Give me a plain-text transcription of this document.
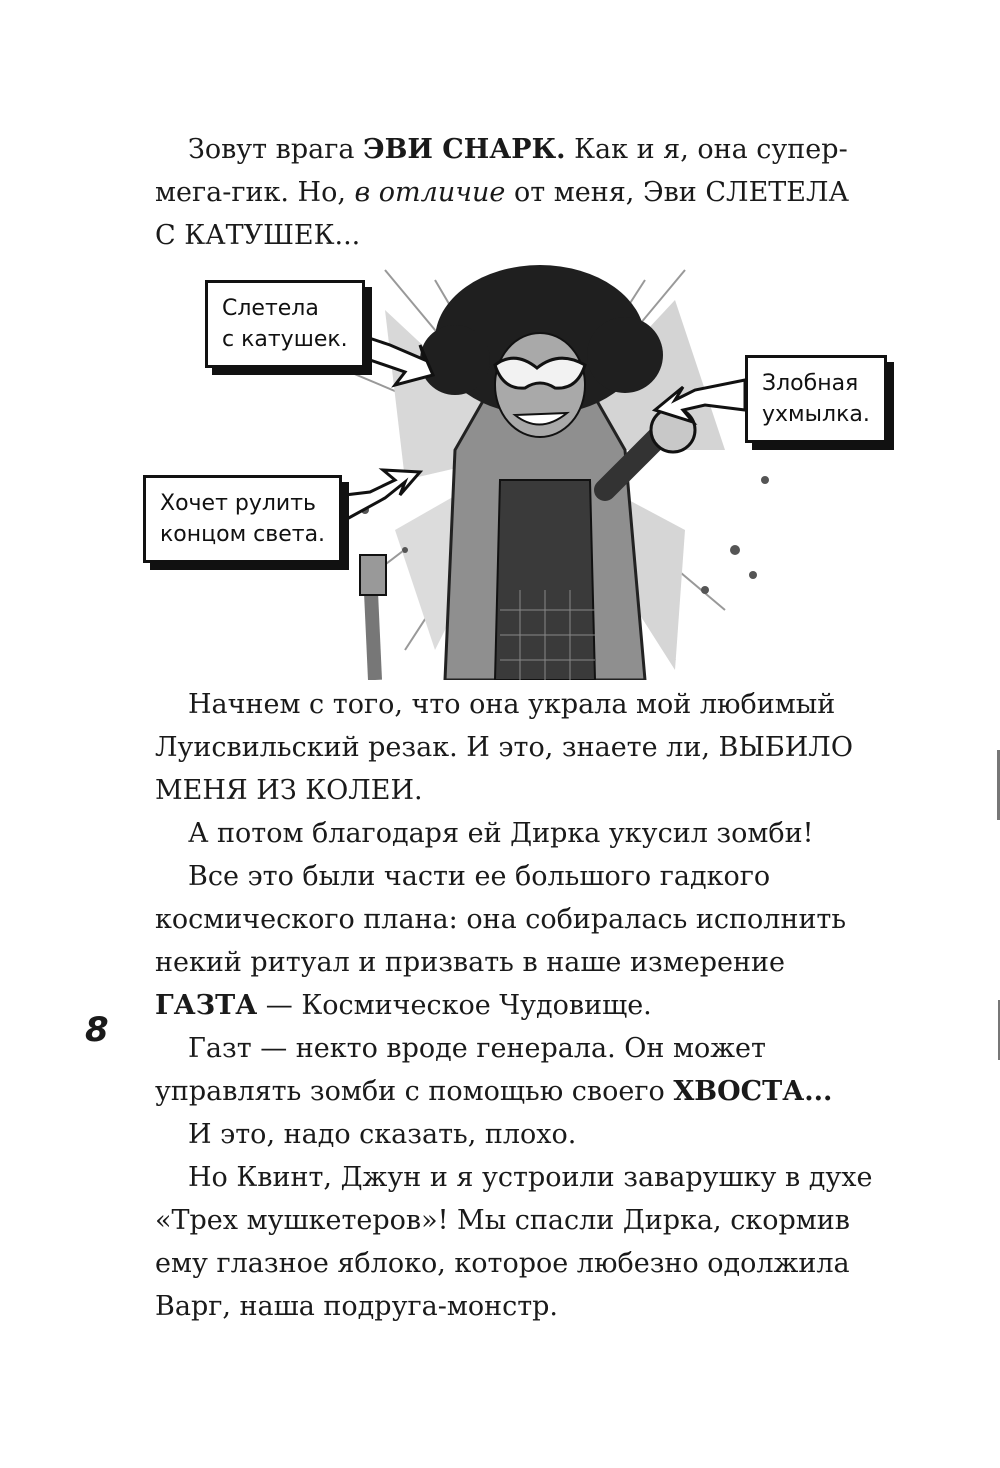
Зовут врага ЭВИ СНАРК. Как и я, она супер-
мега-гик. Но, в отличие от меня, Эви СЛЕТЕЛА
С КАТУШЕК...
Слетела
с катушек.
Злобная
ухмылка.
Хочет рулить
концом света.
Начнем с того, что она украла мой любимый
Луисвильский резак. И это, знаете ли, ВЫБИЛО
МЕНЯ ИЗ КОЛЕИ.
А потом благодаря ей Дирка укусил зомби!
Все это были части ее большого гадкого
космического плана: она собиралась исполнить
некий ритуал и призвать в наше измерение
ГАЗТА — Космическое Чудовище.
Газт — некто вроде генерала. Он может
управлять зомби с помощью своего ХВОСТА...
И это, надо сказать, плохо.
Но Квинт, Джун и я устроили заварушку в духе
«Трех мушкетеров»! Мы спасли Дирка, скормив
ему глазное яблоко, которое любезно одолжила
Варг, наша подруга-монстр.
8
